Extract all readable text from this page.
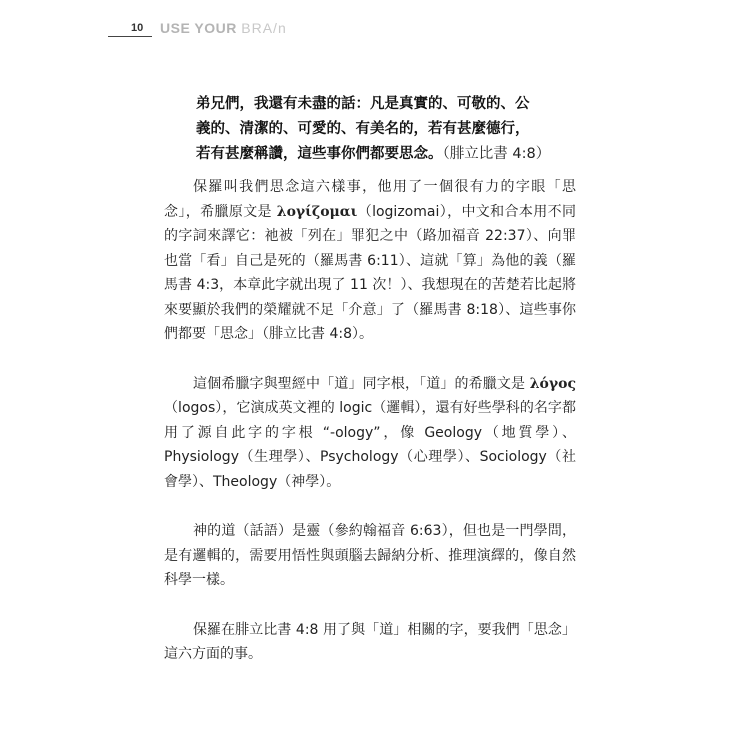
10 USE YOUR BRA/n
弟兄們，我還有未盡的話：凡是真實的、可敬的、公
義的、清潔的、可愛的、有美名的，若有甚麼德行，
若有甚麼稱讚，這些事你們都要思念。（腓立比書 4:8）

保羅叫我們思念這六樣事，他用了一個很有力的字眼「思念」，希臘原文是 λογίζομαι（logizomai），中文和合本用不同的字詞來譯它：祂被「列在」罪犯之中（路加福音 22:37）、向罪也當「看」自己是死的（羅馬書 6:11）、這就「算」為他的義（羅馬書 4:3，本章此字就出現了 11 次！）、我想現在的苦楚若比起將來要顯於我們的榮耀就不足「介意」了（羅馬書 8:18）、這些事你們都要「思念」（腓立比書 4:8）。

這個希臘字與聖經中「道」同字根，「道」的希臘文是 λόγος（logos），它演成英文裡的 logic（邏輯），還有好些學科的名字都用了源自此字的字根 “-ology”，像 Geology（地質學）、Physiology（生理學）、Psychology（心理學）、Sociology（社會學）、Theology（神學）。

神的道（話語）是靈（參約翰福音 6:63），但也是一門學問，是有邏輯的，需要用悟性與頭腦去歸納分析、推理演繹的，像自然科學一樣。

保羅在腓立比書 4:8 用了與「道」相關的字，要我們「思念」這六方面的事。
